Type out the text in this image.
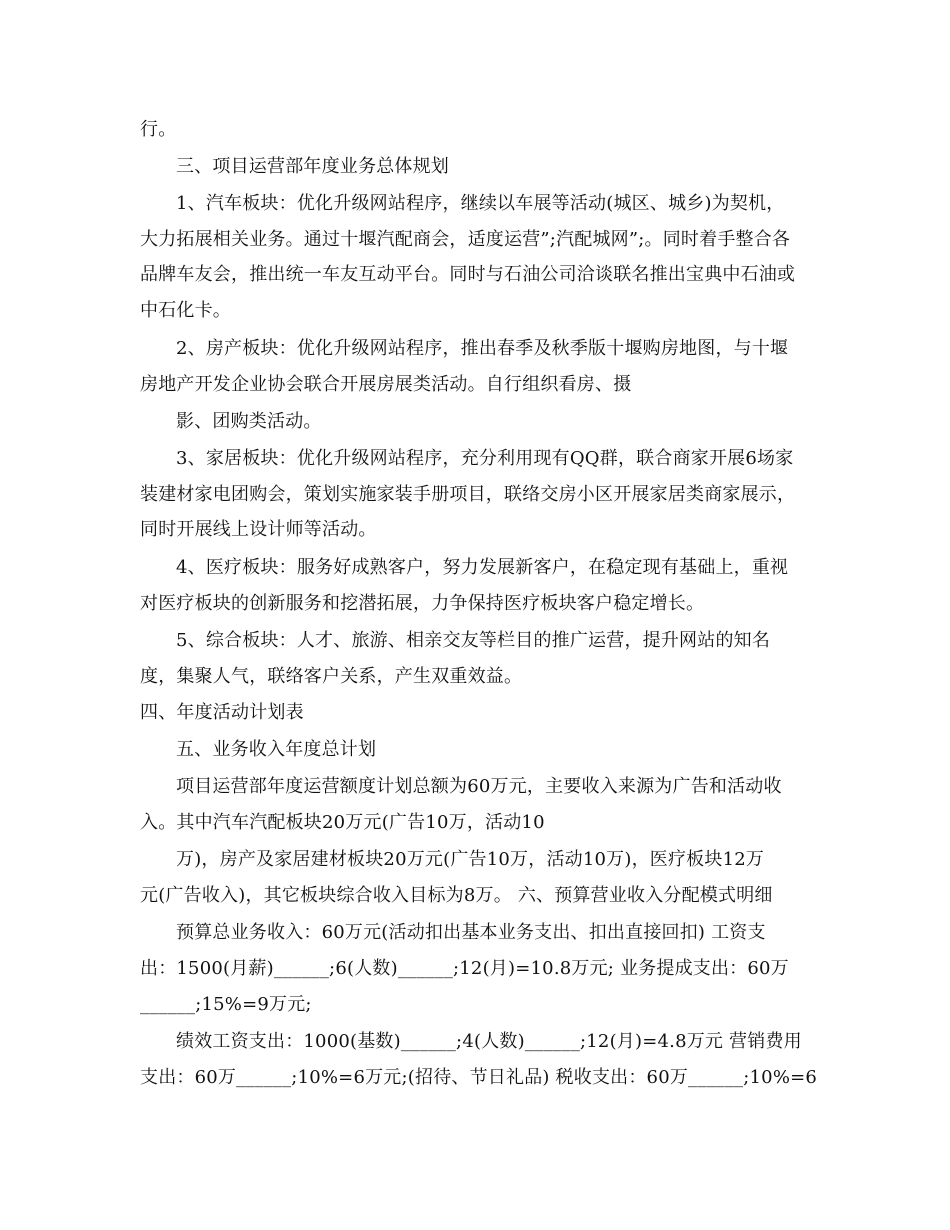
行。
三、项目运营部年度业务总体规划
1、汽车板块：优化升级网站程序，继续以车展等活动(城区、城乡)为契机，
大力拓展相关业务。通过十堰汽配商会，适度运营”;汽配城网”;。同时着手整合各
品牌车友会，推出统一车友互动平台。同时与石油公司洽谈联名推出宝典中石油或
中石化卡。
2、房产板块：优化升级网站程序，推出春季及秋季版十堰购房地图，与十堰
房地产开发企业协会联合开展房展类活动。自行组织看房、摄
影、团购类活动。
3、家居板块：优化升级网站程序，充分利用现有QQ群，联合商家开展6场家
装建材家电团购会，策划实施家装手册项目，联络交房小区开展家居类商家展示，
同时开展线上设计师等活动。
4、医疗板块：服务好成熟客户，努力发展新客户，在稳定现有基础上，重视
对医疗板块的创新服务和挖潜拓展，力争保持医疗板块客户稳定增长。
5、综合板块：人才、旅游、相亲交友等栏目的推广运营，提升网站的知名
度，集聚人气，联络客户关系，产生双重效益。
四、年度活动计划表
五、业务收入年度总计划
项目运营部年度运营额度计划总额为60万元，主要收入来源为广告和活动收
入。其中汽车汽配板块20万元(广告10万，活动10
万)，房产及家居建材板块20万元(广告10万，活动10万)，医疗板块12万
元(广告收入)，其它板块综合收入目标为8万。 六、预算营业收入分配模式明细
预算总业务收入：60万元(活动扣出基本业务支出、扣出直接回扣) 工资支
出：1500(月薪)______;6(人数)______;12(月)=10.8万元; 业务提成支出：60万
______;15%=9万元;
绩效工资支出：1000(基数)______;4(人数)______;12(月)=4.8万元 营销费用
支出：60万______;10%=6万元;(招待、节日礼品) 税收支出：60万______;10%=6
